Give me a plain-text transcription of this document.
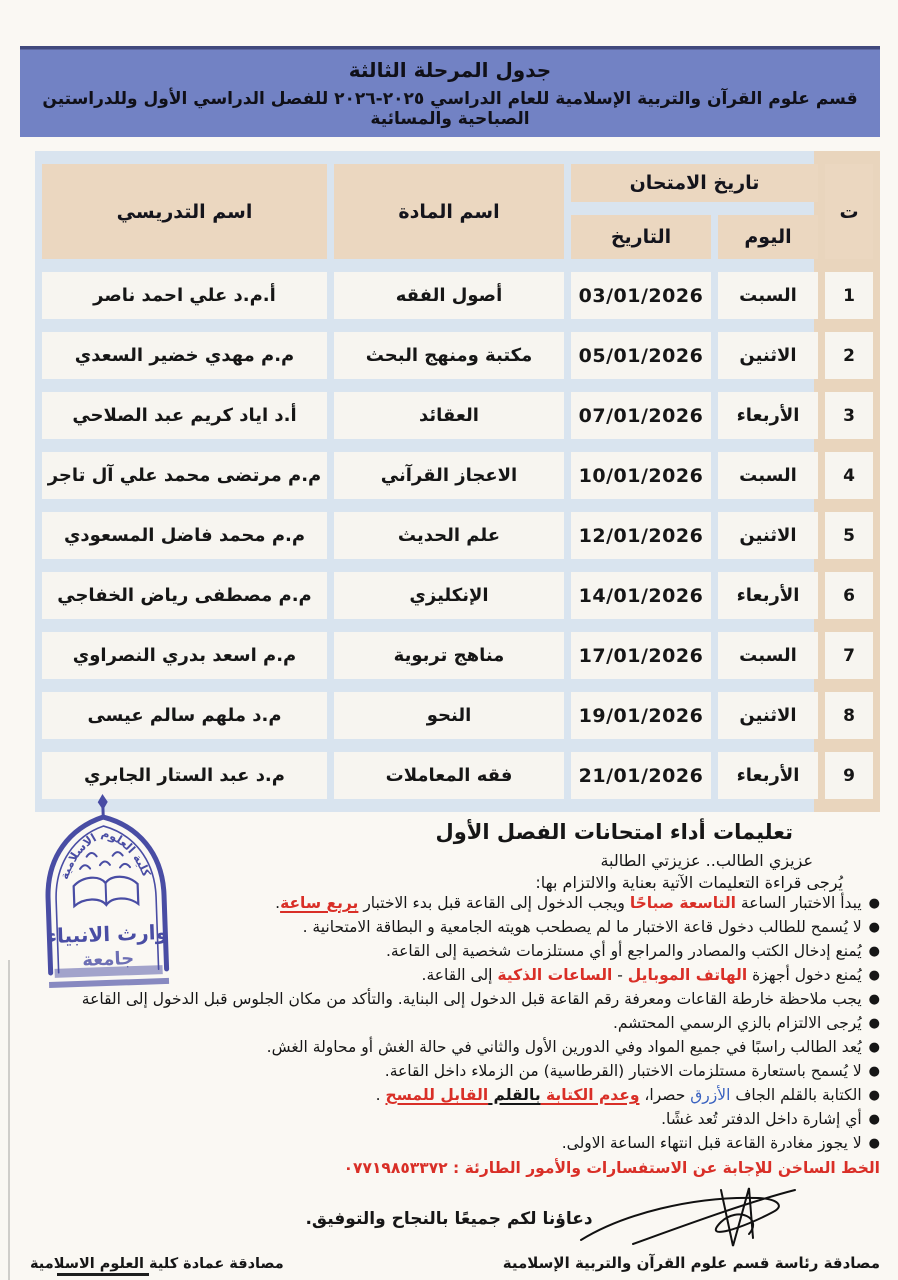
جدول المرحلة الثالثة
قسم علوم القرآن والتربية الإسلامية للعام الدراسي ٢٠٢٥-٢٠٢٦ للفصل الدراسي الأول وللدراستين الصباحية والمسائية
ت	تاريخ الامتحان		اسم المادة	اسم التدريسي
	اليوم	التاريخ		
1	السبت	03/01/2026	أصول الفقه	أ.م.د علي احمد ناصر
2	الاثنين	05/01/2026	مكتبة ومنهج البحث	م.م مهدي خضير السعدي
3	الأربعاء	07/01/2026	العقائد	أ.د اياد كريم عبد الصلاحي
4	السبت	10/01/2026	الاعجاز القرآني	م.م مرتضى محمد علي آل تاجر
5	الاثنين	12/01/2026	علم الحديث	م.م محمد فاضل المسعودي
6	الأربعاء	14/01/2026	الإنكليزي	م.م مصطفى رياض الخفاجي
7	السبت	17/01/2026	مناهج تربوية	م.م اسعد بدري النصراوي
8	الاثنين	19/01/2026	النحو	م.د ملهم سالم عيسى
9	الأربعاء	21/01/2026	فقه المعاملات	م.د عبد الستار الجابري
تعليمات أداء امتحانات الفصل الأول
عزيزي الطالب.. عزيزتي الطالبة
يُرجى قراءة التعليمات الآتية بعناية والالتزام بها:
●
يبدأ الاختبار الساعة التاسعة صباحًا ويجب الدخول إلى القاعة قبل بدء الاختبار بربع ساعة.
●
لا يُسمح للطالب دخول قاعة الاختبار ما لم يصطحب هويته الجامعية و البطاقة الامتحانية .
●
يُمنع إدخال الكتب والمصادر والمراجع أو أي مستلزمات شخصية إلى القاعة.
●
يُمنع دخول أجهزة الهاتف الموبايل - الساعات الذكية إلى القاعة.
●
يجب ملاحظة خارطة القاعات ومعرفة رقم القاعة قبل الدخول إلى البناية. والتأكد من مكان الجلوس قبل الدخول إلى القاعة
●
يُرجى الالتزام بالزي الرسمي المحتشم.
●
يُعد الطالب راسبًا في جميع المواد وفي الدورين الأول والثاني في حالة الغش أو محاولة الغش.
●
لا يُسمح باستعارة مستلزمات الاختبار (القرطاسية) من الزملاء داخل القاعة.
●
الكتابة بالقلم الجاف الأزرق حصرا، وعدم الكتابة بالقلم القابل للمسح .
●
أي إشارة داخل الدفتر تُعد غشًا.
●
لا يجوز مغادرة القاعة قبل انتهاء الساعة الاولى.
الخط الساخن للإجابة عن الاستفسارات والأمور الطارئة : ٠٧٧١٩٨٥٣٣٧٢
دعاؤنا لكم جميعًا بالنجاح والتوفيق.
كلية العلوم الاسلامية
وارث الانبياء
جامعة
مصادقة رئاسة قسم علوم القرآن والتربية الإسلامية
مصادقة عمادة كلية العلوم الاسلامية
